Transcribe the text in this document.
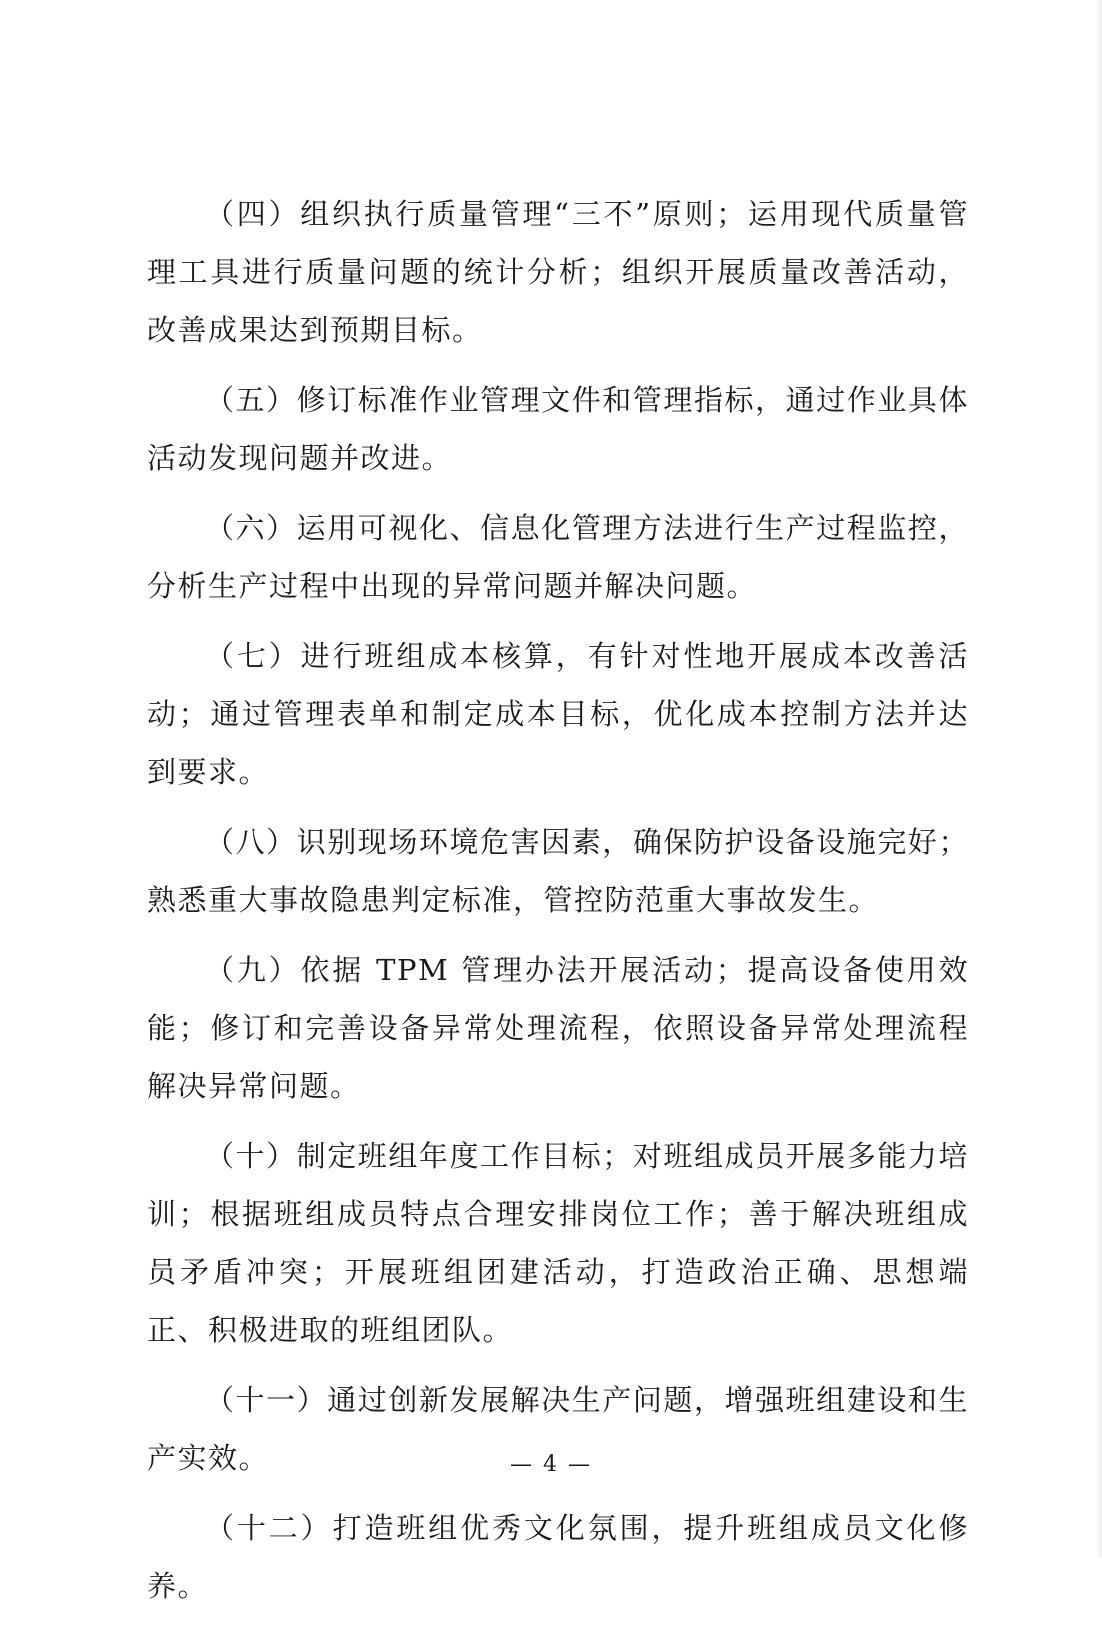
（四）组织执行质量管理“三不”原则；运用现代质量管理工具进行质量问题的统计分析；组织开展质量改善活动，改善成果达到预期目标。

（五）修订标准作业管理文件和管理指标，通过作业具体活动发现问题并改进。

（六）运用可视化、信息化管理方法进行生产过程监控，分析生产过程中出现的异常问题并解决问题。

（七）进行班组成本核算，有针对性地开展成本改善活动；通过管理表单和制定成本目标，优化成本控制方法并达到要求。

（八）识别现场环境危害因素，确保防护设备设施完好；熟悉重大事故隐患判定标准，管控防范重大事故发生。

（九）依据 TPM 管理办法开展活动；提高设备使用效能；修订和完善设备异常处理流程，依照设备异常处理流程解决异常问题。

（十）制定班组年度工作目标；对班组成员开展多能力培训；根据班组成员特点合理安排岗位工作；善于解决班组成员矛盾冲突；开展班组团建活动，打造政治正确、思想端正、积极进取的班组团队。

（十一）通过创新发展解决生产问题，增强班组建设和生产实效。

（十二）打造班组优秀文化氛围，提升班组成员文化修养。

— 4 —
